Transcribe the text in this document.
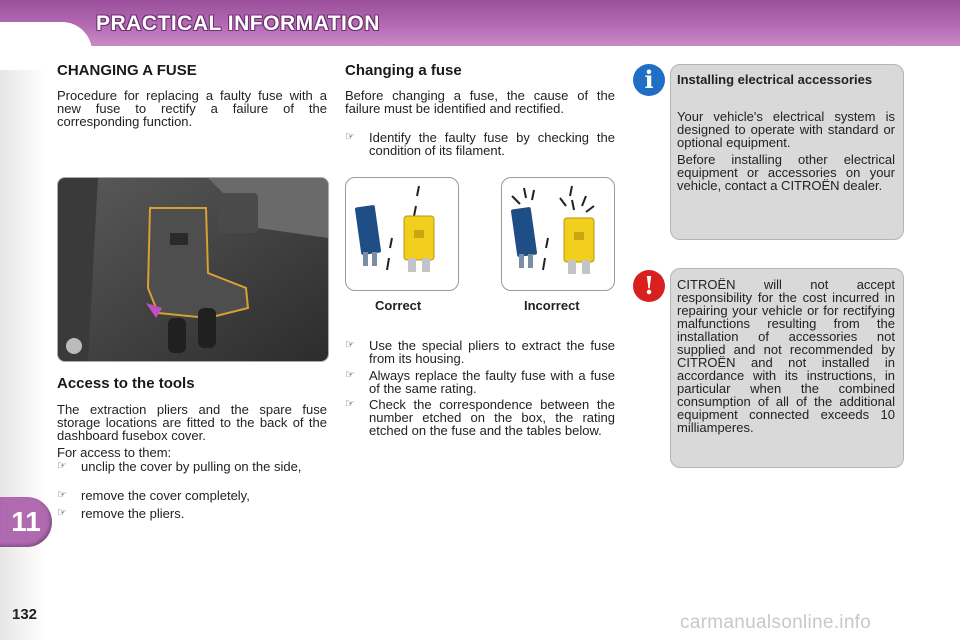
PRACTICAL INFORMATION
11
132
CHANGING A FUSE
Procedure for replacing a faulty fuse with a new fuse to rectify a failure of the corresponding function.
Access to the tools
The extraction pliers and the spare fuse storage locations are fitted to the back of the dashboard fusebox cover.
For access to them:
☞ unclip the cover by pulling on the side,
☞ remove the cover completely,
☞ remove the pliers.
Changing a fuse
Before changing a fuse, the cause of the failure must be identified and rectified.
☞ Identify the faulty fuse by checking the condition of its filament.
Correct	Incorrect
☞ Use the special pliers to extract the fuse from its housing.
☞ Always replace the faulty fuse with a fuse of the same rating.
☞ Check the correspondence between the number etched on the box, the rating etched on the fuse and the tables below.
i	Installing electrical accessories
Your vehicle's electrical system is designed to operate with standard or optional equipment.
Before installing other electrical equipment or accessories on your vehicle, contact a CITROËN dealer.
!	CITROËN will not accept responsibility for the cost incurred in repairing your vehicle or for rectifying malfunctions resulting from the installation of accessories not supplied and not recommended by CITROËN and not installed in accordance with its instructions, in particular when the combined consumption of all of the additional equipment connected exceeds 10 milliamperes.
carmanualsonline.info
